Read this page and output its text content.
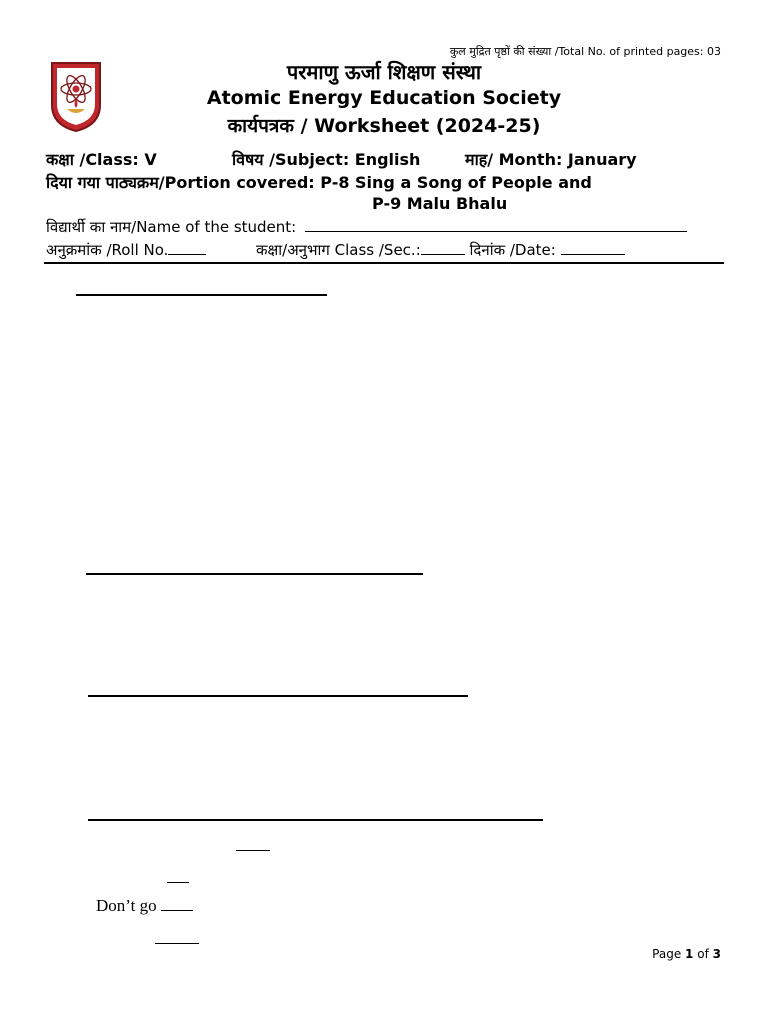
कुल मुद्रित पृष्ठों की संख्या /Total No. of printed pages: 03
परमाणु ऊर्जा शिक्षण संस्था
Atomic Energy Education Society
कार्यपत्रक / Worksheet (2024-25)
कक्षा /Class: V	विषय /Subject: English	माह/ Month: January
दिया गया पाठ्यक्रम/Portion covered: P-8 Sing a Song of People and
P-9 Malu Bhalu
विद्यार्थी का नाम/Name of the student:
अनुक्रमांक /Roll No.	कक्षा/अनुभाग Class /Sec.:	दिनांक /Date:
Don’t go
Page 1 of 3
